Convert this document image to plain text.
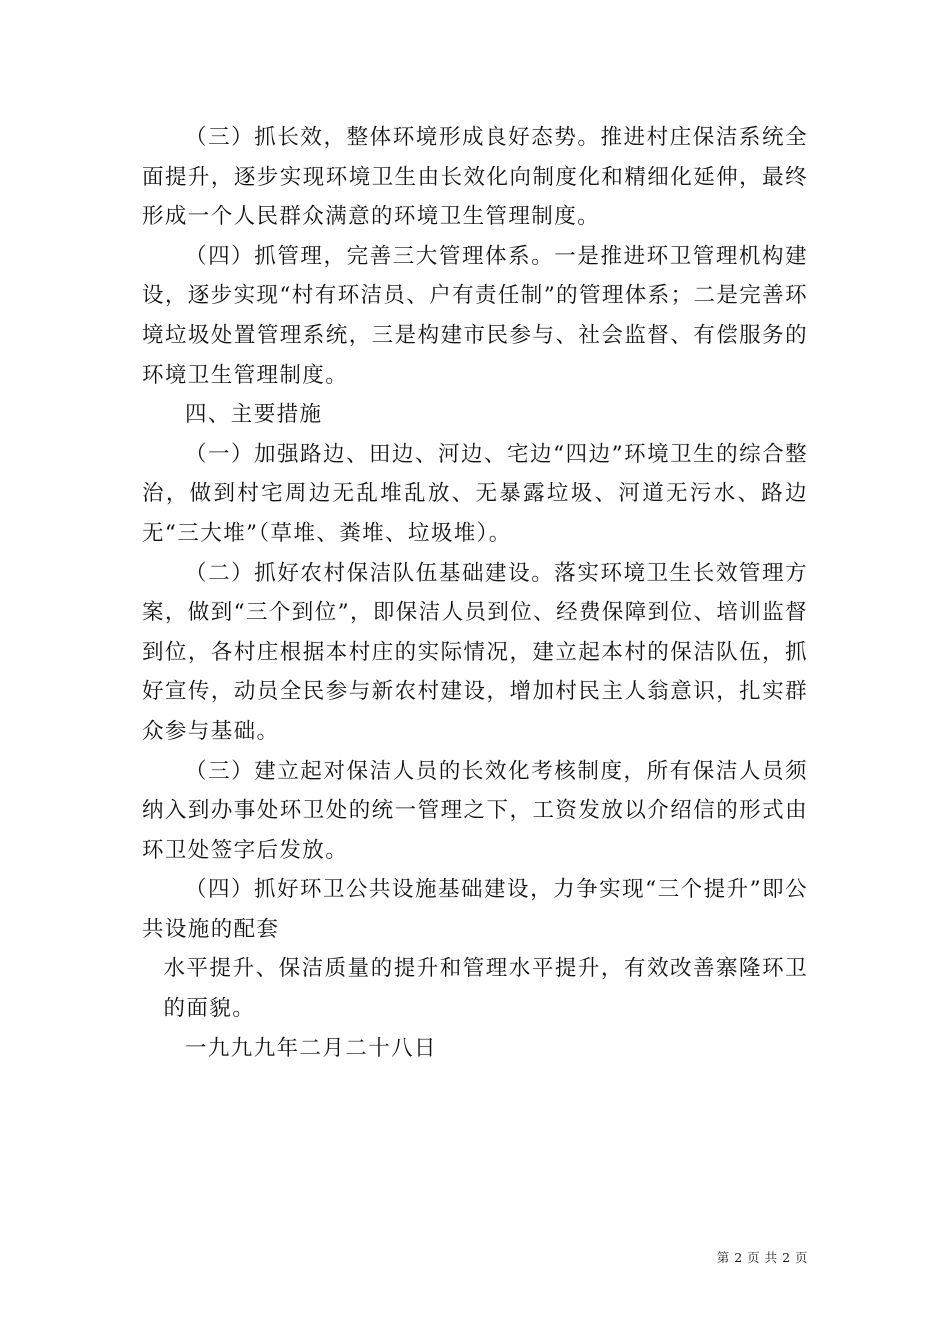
（三）抓长效，整体环境形成良好态势。推进村庄保洁系统全面提升，逐步实现环境卫生由长效化向制度化和精细化延伸，最终形成一个人民群众满意的环境卫生管理制度。

（四）抓管理，完善三大管理体系。一是推进环卫管理机构建设，逐步实现“村有环洁员、户有责任制”的管理体系；二是完善环境垃圾处置管理系统，三是构建市民参与、社会监督、有偿服务的环境卫生管理制度。

四、主要措施

（一）加强路边、田边、河边、宅边“四边”环境卫生的综合整治，做到村宅周边无乱堆乱放、无暴露垃圾、河道无污水、路边无“三大堆”（草堆、粪堆、垃圾堆）。

（二）抓好农村保洁队伍基础建设。落实环境卫生长效管理方案，做到“三个到位”，即保洁人员到位、经费保障到位、培训监督到位，各村庄根据本村庄的实际情况，建立起本村的保洁队伍，抓好宣传，动员全民参与新农村建设，增加村民主人翁意识，扎实群众参与基础。

（三）建立起对保洁人员的长效化考核制度，所有保洁人员须纳入到办事处环卫处的统一管理之下，工资发放以介绍信的形式由环卫处签字后发放。

（四）抓好环卫公共设施基础建设，力争实现“三个提升”即公共设施的配套

水平提升、保洁质量的提升和管理水平提升，有效改善寨隆环卫的面貌。

一九九九年二月二十八日

第 2 页 共 2 页
